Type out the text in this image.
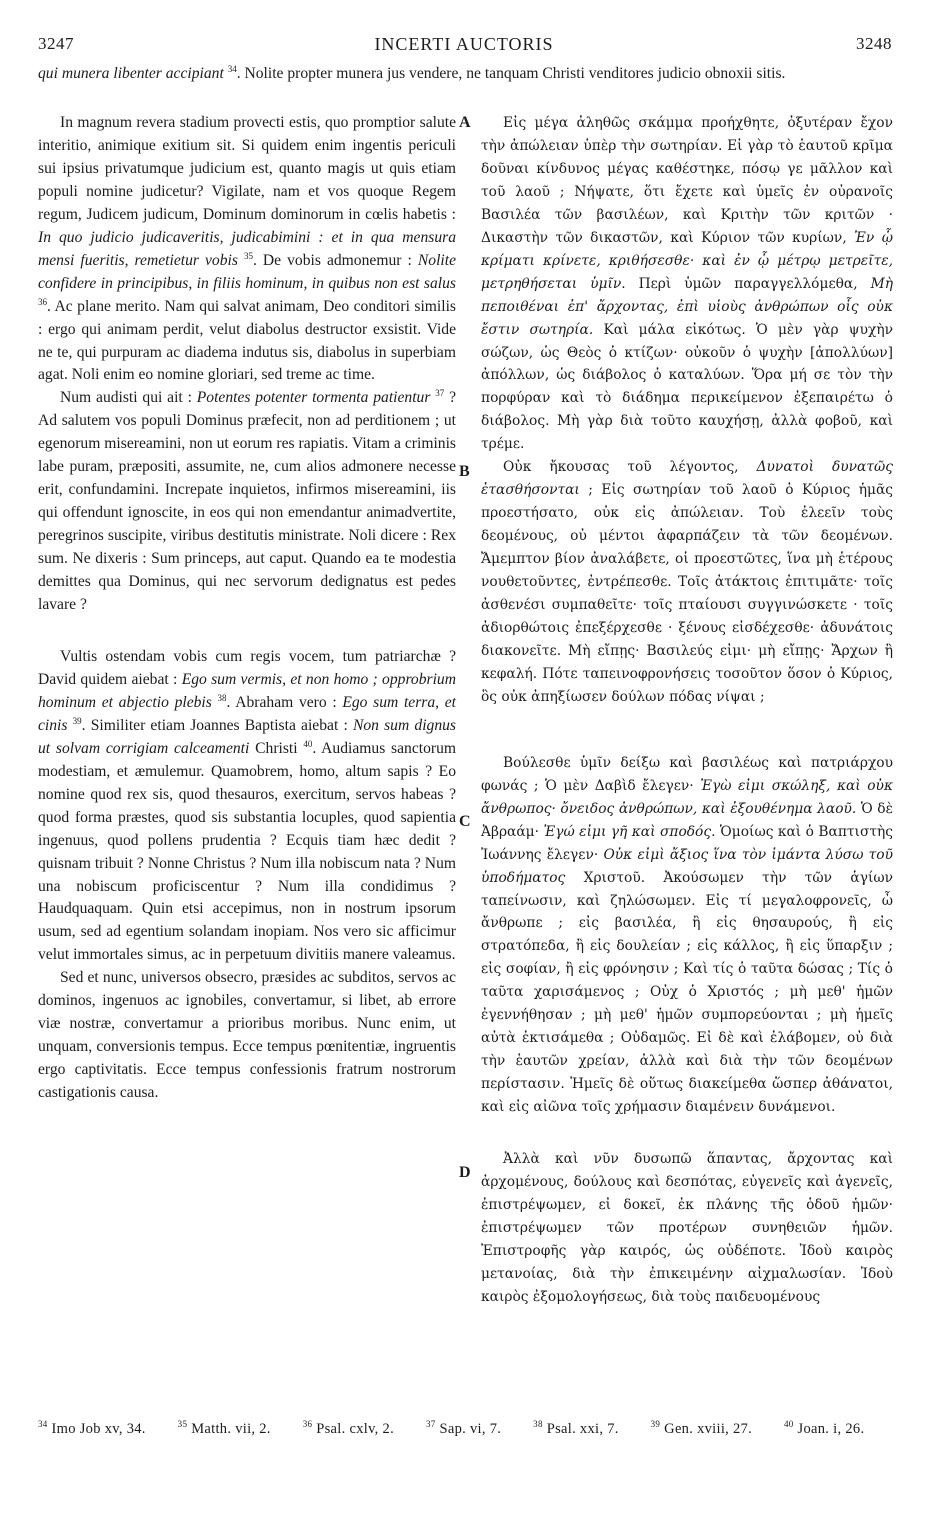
3247	INCERTI AUCTORIS	3248

qui munera libenter accipiant $^{34}$. Nolite propter munera jus vendere, ne tanquam Christi venditores judicio obnoxii sitis.

A
B
C
D

In magnum revera stadium provecti estis, quo promptior salute interitio, animique exitium sit. Si quidem enim ingentis periculi sui ipsius privatumque judicium est, quanto magis ut quis etiam populi nomine judicetur? Vigilate, nam et vos quoque Regem regum, Judicem judicum, Dominum dominorum in cœlis habetis : In quo judicio judicaveritis, judicabimini : et in qua mensura mensi fueritis, remetietur vobis $^{35}$. De vobis admonemur : Nolite confidere in principibus, in filiis hominum, in quibus non est salus $^{36}$. Ac plane merito. Nam qui salvat animam, Deo conditori similis : ergo qui animam perdit, velut diabolus destructor exsistit. Vide ne te, qui purpuram ac diadema indutus sis, diabolus in superbiam agat. Noli enim eo nomine gloriari, sed treme ac time.

Num audisti qui ait : Potentes potenter tormenta patientur $^{37}$ ? Ad salutem vos populi Dominus præfecit, non ad perditionem ; ut egenorum misereamini, non ut eorum res rapiatis. Vitam a criminis labe puram, præpositi, assumite, ne, cum alios admonere necesse erit, confundamini. Increpate inquietos, infirmos misereamini, iis qui offendunt ignoscite, in eos qui non emendantur animadvertite, peregrinos suscipite, viribus destitutis ministrate. Noli dicere : Rex sum. Ne dixeris : Sum princeps, aut caput. Quando ea te modestia demittes qua Dominus, qui nec servorum dedignatus est pedes lavare ?

Vultis ostendam vobis cum regis vocem, tum patriarchæ ? David quidem aiebat : Ego sum vermis, et non homo ; opprobrium hominum et abjectio plebis $^{38}$. Abraham vero : Ego sum terra, et cinis $^{39}$. Similiter etiam Joannes Baptista aiebat : Non sum dignus ut solvam corrigiam calceamenti Christi $^{40}$. Audiamus sanctorum modestiam, et æmulemur. Quamobrem, homo, altum sapis ? Eo nomine quod rex sis, quod thesauros, exercitum, servos habeas ? quod forma præstes, quod sis substantia locuples, quod sapientia ingenuus, quod pollens prudentia ? Ecquis tiam hæc dedit ? quisnam tribuit ? Nonne Christus ? Num illa nobiscum nata ? Num una nobiscum proficiscentur ? Num illa condidimus ? Haudquaquam. Quin etsi accepimus, non in nostrum ipsorum usum, sed ad egentium solandam inopiam. Nos vero sic afficimur velut immortales simus, ac in perpetuum divitiis manere valeamus.

Sed et nunc, universos obsecro, præsides ac subditos, servos ac dominos, ingenuos ac ignobiles, convertamur, si libet, ab errore viæ nostræ, convertamur a prioribus moribus. Nunc enim, ut unquam, conversionis tempus. Ecce tempus pœnitentiæ, ingruentis ergo captivitatis. Ecce tempus confessionis fratrum nostrorum castigationis causa.

Εἰς μέγα ἀληθῶς σκάμμα προήχθητε, ὀξυτέραν ἔχον τὴν ἀπώλειαν ὑπὲρ τὴν σωτηρίαν. Εἰ γὰρ τὸ ἑαυτοῦ κρῖμα δοῦναι κίνδυνος μέγας καθέστηκε, πόσῳ γε μᾶλλον καὶ τοῦ λαοῦ ; Νήψατε, ὅτι ἔχετε καὶ ὑμεῖς ἐν οὐρανοῖς Βασιλέα τῶν βασιλέων, καὶ Κριτὴν τῶν κριτῶν · Δικαστὴν τῶν δικαστῶν, καὶ Κύριον τῶν κυρίων, Ἐν ᾧ κρίματι κρίνετε, κριθήσεσθε· καὶ ἐν ᾧ μέτρῳ μετρεῖτε, μετρηθήσεται ὑμῖν. Περὶ ὑμῶν παραγγελλόμεθα, Μὴ πεποιθέναι ἐπ' ἄρχοντας, ἐπὶ υἱοὺς ἀνθρώπων οἷς οὐκ ἔστιν σωτηρία. Καὶ μάλα εἰκότως. Ὁ μὲν γὰρ ψυχὴν σώζων, ὡς Θεὸς ὁ κτίζων· οὐκοῦν ὁ ψυχὴν [ἀπολλύων] ἀπόλλων, ὡς διάβολος ὁ καταλύων. Ὅρα μή σε τὸν τὴν πορφύραν καὶ τὸ διάδημα περικείμενον ἐξεπαιρέτω ὁ διάβολος. Μὴ γὰρ διὰ τοῦτο καυχήσῃ, ἀλλὰ φοβοῦ, καὶ τρέμε.

Οὐκ ἤκουσας τοῦ λέγοντος, Δυνατοὶ δυνατῶς ἐτασθήσονται ; Εἰς σωτηρίαν τοῦ λαοῦ ὁ Κύριος ἡμᾶς προεστήσατο, οὐκ εἰς ἀπώλειαν. Τοὺ ἐλεεῖν τοὺς δεομένους, οὐ μέντοι ἀφαρπάζειν τὰ τῶν δεομένων. Ἄμεμπτον βίον ἀναλάβετε, οἱ προεστῶτες, ἵνα μὴ ἑτέρους νουθετοῦντες, ἐντρέπεσθε. Τοῖς ἀτάκτοις ἐπιτιμᾶτε· τοῖς ἀσθενέσι συμπαθεῖτε· τοῖς πταίουσι συγγινώσκετε · τοῖς ἀδιορθώτοις ἐπεξέρχεσθε · ξένους εἰσδέχεσθε· ἀδυνάτοις διακονεῖτε. Μὴ εἴπῃς· Βασιλεύς εἰμι· μὴ εἴπῃς· Ἄρχων ἢ κεφαλή. Πότε ταπεινοφρονήσεις τοσοῦτον ὅσον ὁ Κύριος, ὃς οὐκ ἀπηξίωσεν δούλων πόδας νίψαι ;

Βούλεσθε ὑμῖν δείξω καὶ βασιλέως καὶ πατριάρχου φωνάς ; Ὁ μὲν Δαβὶδ ἔλεγεν· Ἐγὼ εἰμι σκώληξ, καὶ οὐκ ἄνθρωπος· ὄνειδος ἀνθρώπων, καὶ ἐξουθένημα λαοῦ. Ὁ δὲ Ἀβραάμ· Ἐγώ εἰμι γῆ καὶ σποδός. Ὁμοίως καὶ ὁ Βαπτιστὴς Ἰωάννης ἔλεγεν· Οὐκ εἰμὶ ἄξιος ἵνα τὸν ἱμάντα λύσω τοῦ ὑποδήματος Χριστοῦ. Ἀκούσωμεν τὴν τῶν ἁγίων ταπείνωσιν, καὶ ζηλώσωμεν. Εἰς τί μεγαλοφρονεῖς, ὦ ἄνθρωπε ; εἰς βασιλέα, ἢ εἰς θησαυρούς, ἢ εἰς στρατόπεδα, ἢ εἰς δουλείαν ; εἰς κάλλος, ἢ εἰς ὕπαρξιν ; εἰς σοφίαν, ἢ εἰς φρόνησιν ; Καὶ τίς ὁ ταῦτα δώσας ; Τίς ὁ ταῦτα χαρισάμενος ; Οὐχ ὁ Χριστός ; μὴ μεθ' ἡμῶν ἐγεννήθησαν ; μὴ μεθ' ἡμῶν συμπορεύονται ; μὴ ἡμεῖς αὐτὰ ἐκτισάμεθα ; Οὐδαμῶς. Εἰ δὲ καὶ ἐλάβομεν, οὐ διὰ τὴν ἑαυτῶν χρείαν, ἀλλὰ καὶ διὰ τὴν τῶν δεομένων περίστασιν. Ἡμεῖς δὲ οὕτως διακείμεθα ὥσπερ ἀθάνατοι, καὶ εἰς αἰῶνα τοῖς χρήμασιν διαμένειν δυνάμενοι.

Ἀλλὰ καὶ νῦν δυσωπῶ ἅπαντας, ἄρχοντας καὶ ἀρχομένους, δούλους καὶ δεσπότας, εὐγενεῖς καὶ ἀγενεῖς, ἐπιστρέψωμεν, εἰ δοκεῖ, ἐκ πλάνης τῆς ὁδοῦ ἡμῶν· ἐπιστρέψωμεν τῶν προτέρων συνηθειῶν ἡμῶν. Ἐπιστροφῆς γὰρ καιρός, ὡς οὐδέποτε. Ἰδοὺ καιρὸς μετανοίας, διὰ τὴν ἐπικειμένην αἰχμαλωσίαν. Ἰδοὺ καιρὸς ἐξομολογήσεως, διὰ τοὺς παιδευομένους

$^{34}$ Imo Job xv, 34.	$^{35}$ Matth. vii, 2.	$^{36}$ Psal. cxlv, 2.	$^{37}$ Sap. vi, 7.	$^{38}$ Psal. xxi, 7.	$^{39}$ Gen. xviii, 27.	$^{40}$ Joan. i, 26.
